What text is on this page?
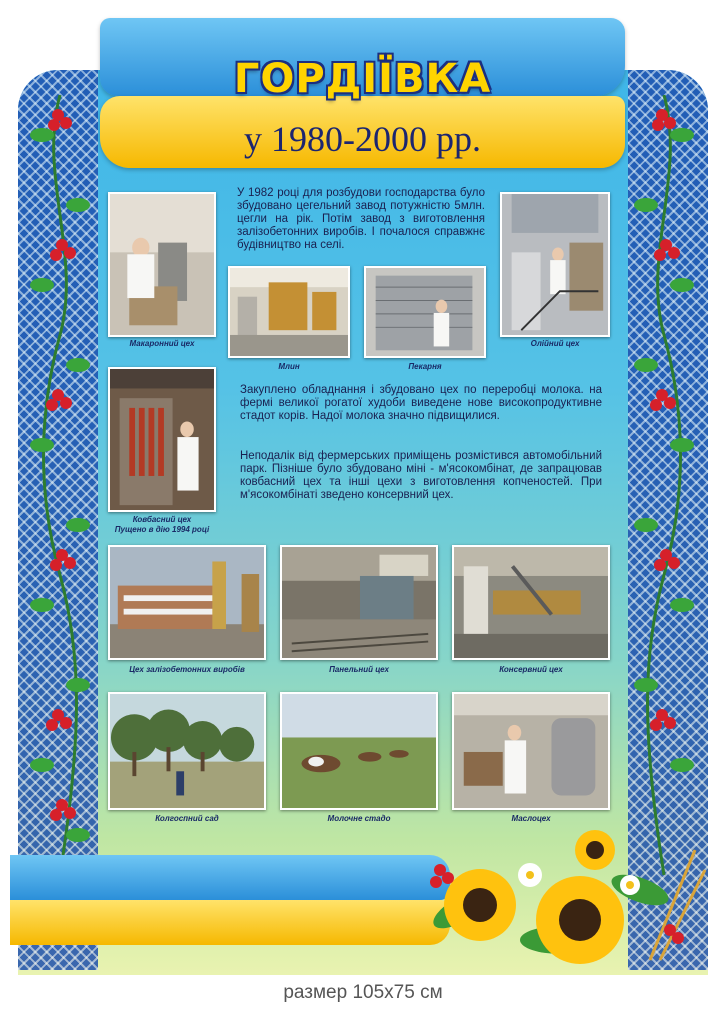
ГОРДІЇВКА
у 1980-2000 рр.
Макаронний цех
У 1982 році для розбудови господарства було збудовано цегельний завод потужністю 5млн. цегли на рік. Потім завод з виготовлення залізобетонних виробів. І почалося справжнє будівництво на селі.
Олійний цех
Млин	Пекарня
Ковбасний цех
Пущено в дію 1994 році
Закуплено обладнання і збудовано цех по переробці молока. на фермі великої рогатої худоби виведене нове високопродуктивне стадот корів. Надої молока значно підвищилися.
Неподалік від фермерських приміщень розмістився автомобільний парк. Пізніше було збудовано міні - м'ясокомбінат, де запрацював ковбасний цех та інші цехи з виготовлення копченостей. При м'ясокомбінаті зведено консервний цех.
Цех залізобетонних виробів	Панельний цех	Консервний цех
Колгоспний сад	Молочне стадо	Маслоцех
размер 105х75 см
